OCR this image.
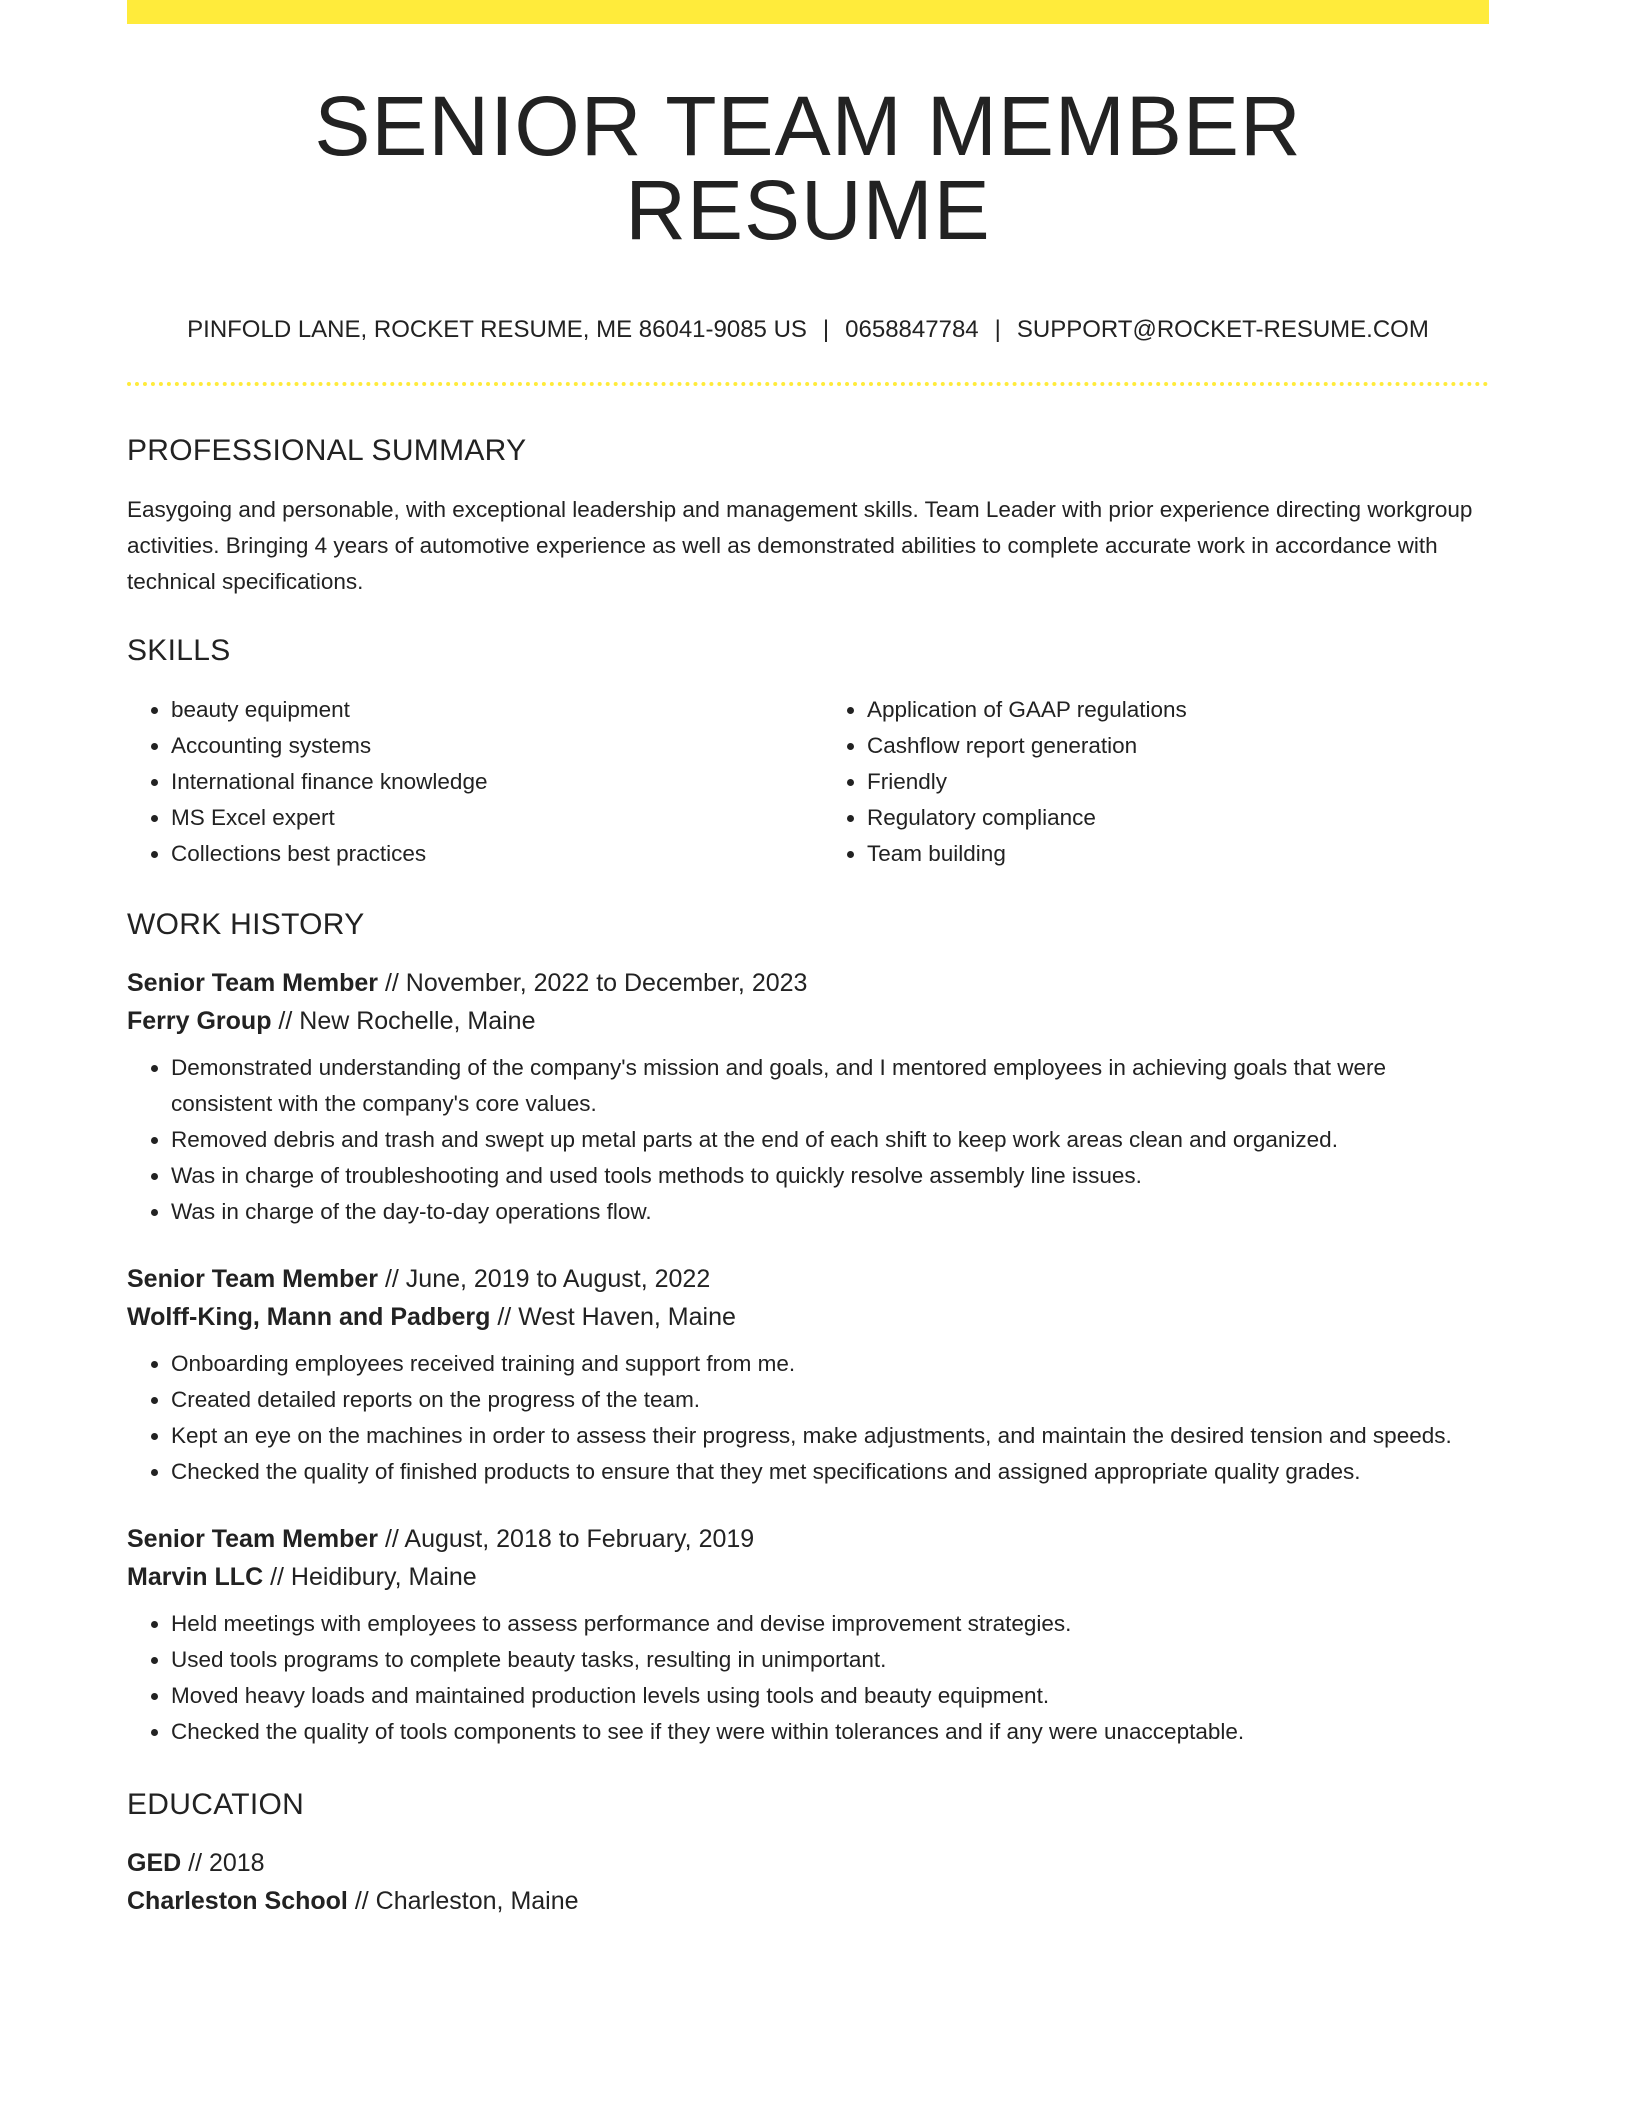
SENIOR TEAM MEMBER RESUME
PINFOLD LANE, ROCKET RESUME, ME 86041-9085 US | 0658847784 | SUPPORT@ROCKET-RESUME.COM
PROFESSIONAL SUMMARY
Easygoing and personable, with exceptional leadership and management skills. Team Leader with prior experience directing workgroup activities. Bringing 4 years of automotive experience as well as demonstrated abilities to complete accurate work in accordance with technical specifications.
SKILLS
• beauty equipment
• Accounting systems
• International finance knowledge
• MS Excel expert
• Collections best practices
• Application of GAAP regulations
• Cashflow report generation
• Friendly
• Regulatory compliance
• Team building
WORK HISTORY
Senior Team Member // November, 2022 to December, 2023
Ferry Group // New Rochelle, Maine
• Demonstrated understanding of the company's mission and goals, and I mentored employees in achieving goals that were consistent with the company's core values.
• Removed debris and trash and swept up metal parts at the end of each shift to keep work areas clean and organized.
• Was in charge of troubleshooting and used tools methods to quickly resolve assembly line issues.
• Was in charge of the day-to-day operations flow.
Senior Team Member // June, 2019 to August, 2022
Wolff-King, Mann and Padberg // West Haven, Maine
• Onboarding employees received training and support from me.
• Created detailed reports on the progress of the team.
• Kept an eye on the machines in order to assess their progress, make adjustments, and maintain the desired tension and speeds.
• Checked the quality of finished products to ensure that they met specifications and assigned appropriate quality grades.
Senior Team Member // August, 2018 to February, 2019
Marvin LLC // Heidibury, Maine
• Held meetings with employees to assess performance and devise improvement strategies.
• Used tools programs to complete beauty tasks, resulting in unimportant.
• Moved heavy loads and maintained production levels using tools and beauty equipment.
• Checked the quality of tools components to see if they were within tolerances and if any were unacceptable.
EDUCATION
GED // 2018
Charleston School // Charleston, Maine
